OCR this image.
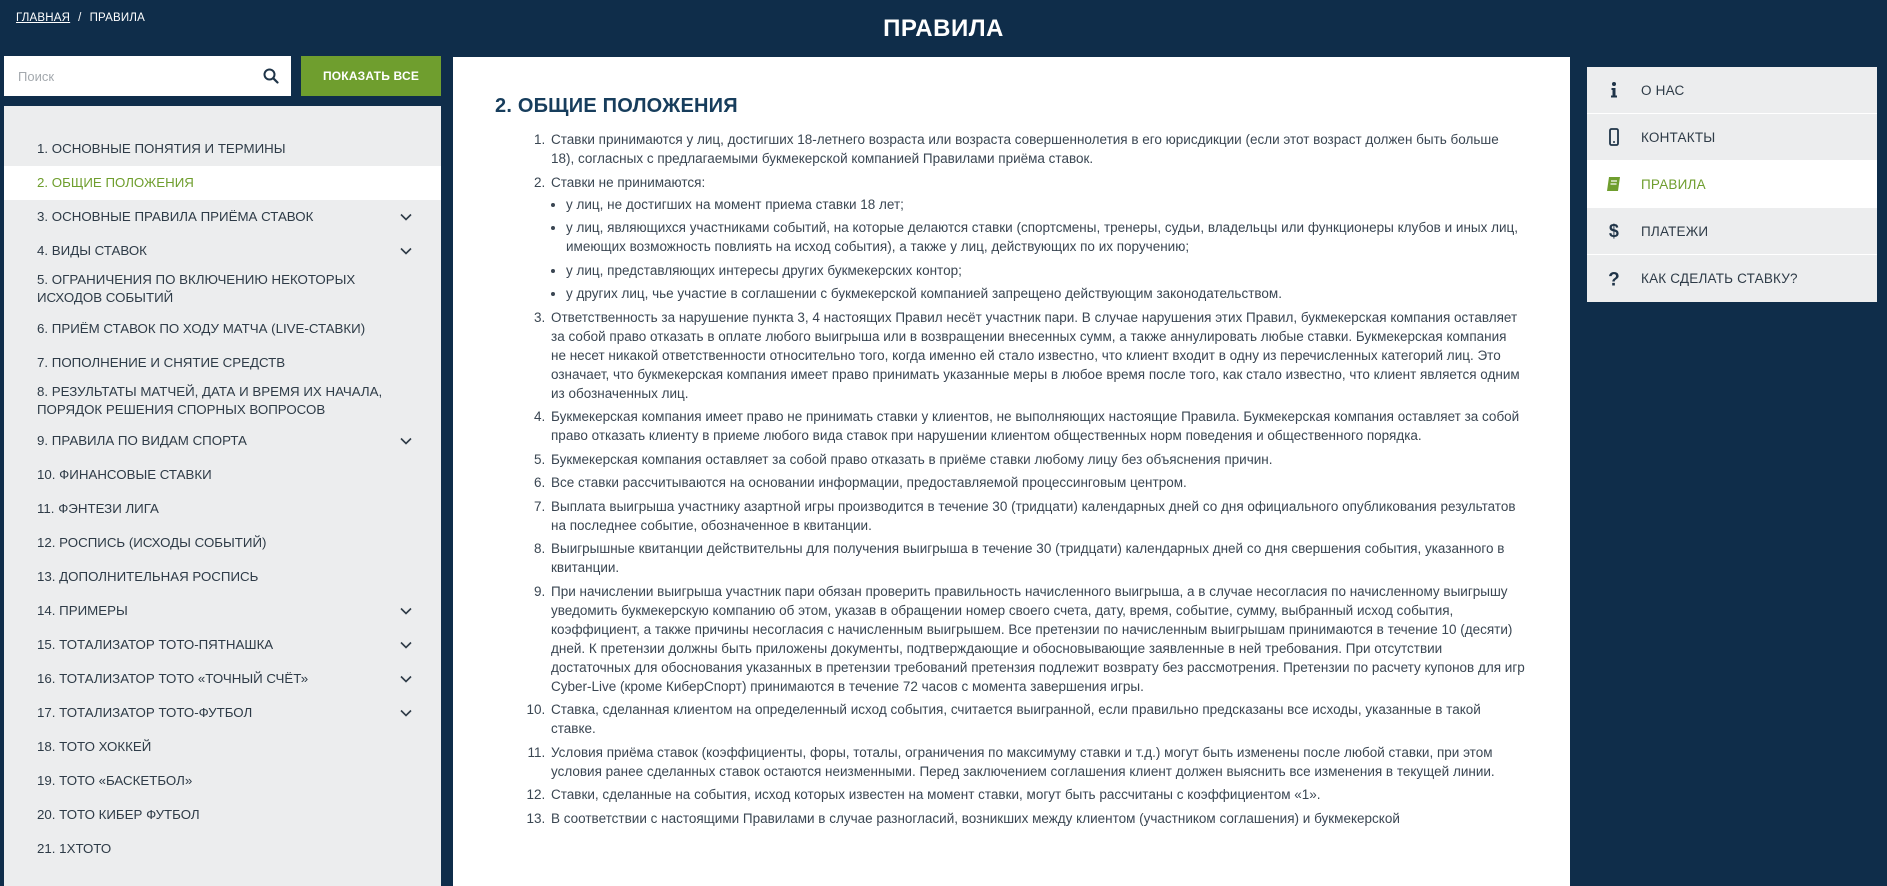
ГЛАВНАЯ / ПРАВИЛА	ПРАВИЛА
Поиск
ПОКАЗАТЬ ВСЕ
1. ОСНОВНЫЕ ПОНЯТИЯ И ТЕРМИНЫ
2. ОБЩИЕ ПОЛОЖЕНИЯ
3. ОСНОВНЫЕ ПРАВИЛА ПРИЁМА СТАВОК
4. ВИДЫ СТАВОК
5. ОГРАНИЧЕНИЯ ПО ВКЛЮЧЕНИЮ НЕКОТОРЫХ ИСХОДОВ СОБЫТИЙ
6. ПРИЁМ СТАВОК ПО ХОДУ МАТЧА (LIVE-СТАВКИ)
7. ПОПОЛНЕНИЕ И СНЯТИЕ СРЕДСТВ
8. РЕЗУЛЬТАТЫ МАТЧЕЙ, ДАТА И ВРЕМЯ ИХ НАЧАЛА, ПОРЯДОК РЕШЕНИЯ СПОРНЫХ ВОПРОСОВ
9. ПРАВИЛА ПО ВИДАМ СПОРТА
10. ФИНАНСОВЫЕ СТАВКИ
11. ФЭНТЕЗИ ЛИГА
12. РОСПИСЬ (ИСХОДЫ СОБЫТИЙ)
13. ДОПОЛНИТЕЛЬНАЯ РОСПИСЬ
14. ПРИМЕРЫ
15. ТОТАЛИЗАТОР ТОТО-ПЯТНАШКА
16. ТОТАЛИЗАТОР ТОТО «ТОЧНЫЙ СЧЁТ»
17. ТОТАЛИЗАТОР ТОТО-ФУТБОЛ
18. ТОТО ХОККЕЙ
19. ТОТО «БАСКЕТБОЛ»
20. ТОТО КИБЕР ФУТБОЛ
21. 1XТОТО
2. ОБЩИЕ ПОЛОЖЕНИЯ
1. Ставки принимаются у лиц, достигших 18-летнего возраста или возраста совершеннолетия в его юрисдикции (если этот возраст должен быть больше 18), согласных с предлагаемыми букмекерской компанией Правилами приёма ставок.
2. Ставки не принимаются:
• у лиц, не достигших на момент приема ставки 18 лет;
• у лиц, являющихся участниками событий, на которые делаются ставки (спортсмены, тренеры, судьи, владельцы или функционеры клубов и иных лиц, имеющих возможность повлиять на исход события), а также у лиц, действующих по их поручению;
• у лиц, представляющих интересы других букмекерских контор;
• у других лиц, чье участие в соглашении с букмекерской компанией запрещено действующим законодательством.
3. Ответственность за нарушение пункта 3, 4 настоящих Правил несёт участник пари. В случае нарушения этих Правил, букмекерская компания оставляет за собой право отказать в оплате любого выигрыша или в возвращении внесенных сумм, а также аннулировать любые ставки. Букмекерская компания не несет никакой ответственности относительно того, когда именно ей стало известно, что клиент входит в одну из перечисленных категорий лиц. Это означает, что букмекерская компания имеет право принимать указанные меры в любое время после того, как стало известно, что клиент является одним из обозначенных лиц.
4. Букмекерская компания имеет право не принимать ставки у клиентов, не выполняющих настоящие Правила. Букмекерская компания оставляет за собой право отказать клиенту в приеме любого вида ставок при нарушении клиентом общественных норм поведения и общественного порядка.
5. Букмекерская компания оставляет за собой право отказать в приёме ставки любому лицу без объяснения причин.
6. Все ставки рассчитываются на основании информации, предоставляемой процессинговым центром.
7. Выплата выигрыша участнику азартной игры производится в течение 30 (тридцати) календарных дней со дня официального опубликования результатов на последнее событие, обозначенное в квитанции.
8. Выигрышные квитанции действительны для получения выигрыша в течение 30 (тридцати) календарных дней со дня свершения события, указанного в квитанции.
9. При начислении выигрыша участник пари обязан проверить правильность начисленного выигрыша, а в случае несогласия по начисленному выигрышу уведомить букмекерскую компанию об этом, указав в обращении номер своего счета, дату, время, событие, сумму, выбранный исход события, коэффициент, а также причины несогласия с начисленным выигрышем. Все претензии по начисленным выигрышам принимаются в течение 10 (десяти) дней. К претензии должны быть приложены документы, подтверждающие и обосновывающие заявленные в ней требования. При отсутствии достаточных для обоснования указанных в претензии требований претензия подлежит возврату без рассмотрения. Претензии по расчету купонов для игр Cyber-Live (кроме КиберСпорт) принимаются в течение 72 часов с момента завершения игры.
10. Ставка, сделанная клиентом на определенный исход события, считается выигранной, если правильно предсказаны все исходы, указанные в такой ставке.
11. Условия приёма ставок (коэффициенты, форы, тоталы, ограничения по максимуму ставки и т.д.) могут быть изменены после любой ставки, при этом условия ранее сделанных ставок остаются неизменными. Перед заключением соглашения клиент должен выяснить все изменения в текущей линии.
12. Ставки, сделанные на события, исход которых известен на момент ставки, могут быть рассчитаны с коэффициентом «1».
13. В соответствии с настоящими Правилами в случае разногласий, возникших между клиентом (участником соглашения) и букмекерской
О НАС
КОНТАКТЫ
ПРАВИЛА
$ ПЛАТЕЖИ
? КАК СДЕЛАТЬ СТАВКУ?
